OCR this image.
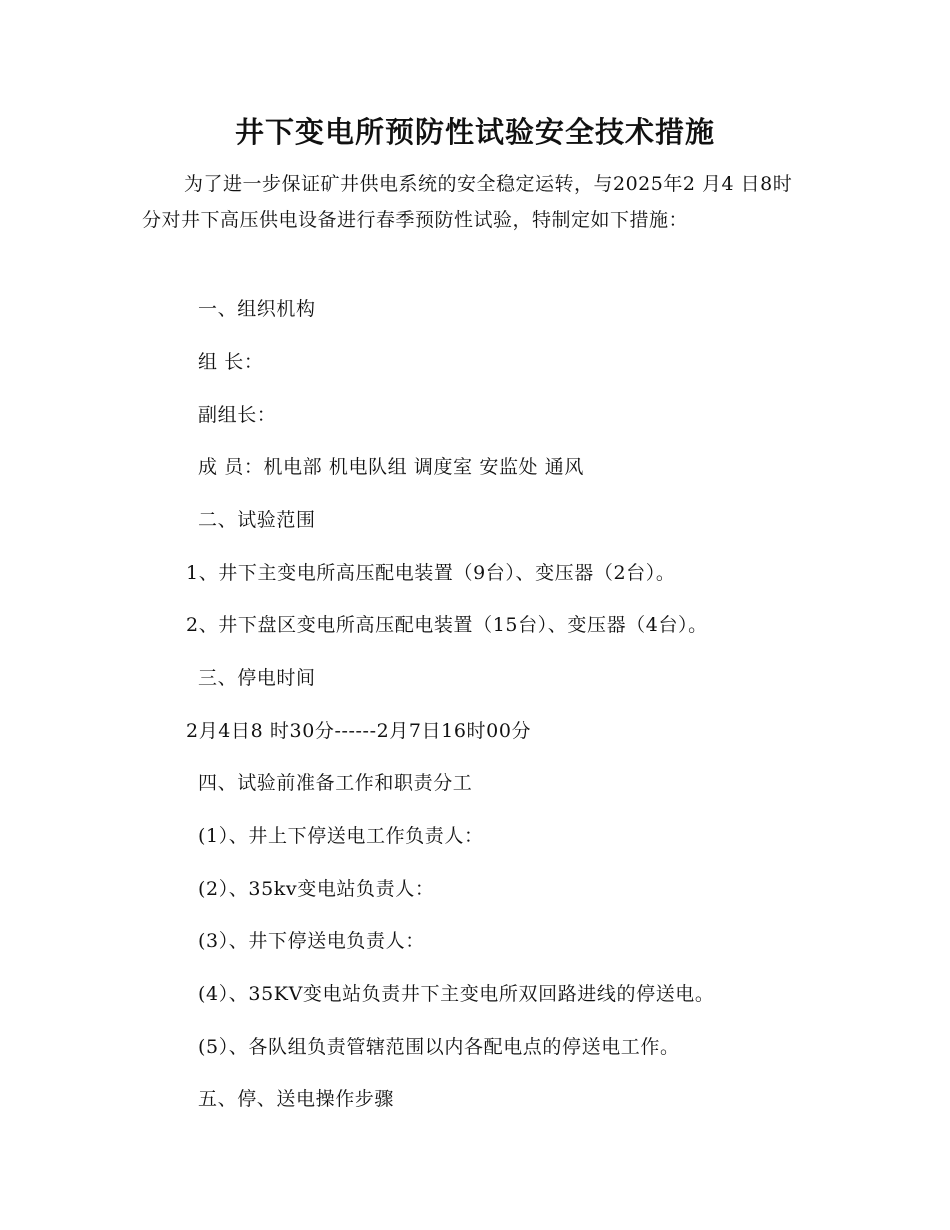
井下变电所预防性试验安全技术措施

为了进一步保证矿井供电系统的安全稳定运转，与2025年2 月4 日8时 分对井下高压供电设备进行春季预防性试验，特制定如下措施：

一、组织机构

组 长：

副组长：

成 员：机电部 机电队组 调度室 安监处 通风

二、试验范围

1、井下主变电所高压配电装置（9台）、变压器（2台）。

2、井下盘区变电所高压配电装置（15台）、变压器（4台）。

三、停电时间

2月4日8 时30分------2月7日16时00分

四、试验前准备工作和职责分工

(1）、井上下停送电工作负责人：

(2）、35kv变电站负责人：

(3）、井下停送电负责人：

(4）、35KV变电站负责井下主变电所双回路进线的停送电。

(5）、各队组负责管辖范围以内各配电点的停送电工作。

五、停、送电操作步骤
